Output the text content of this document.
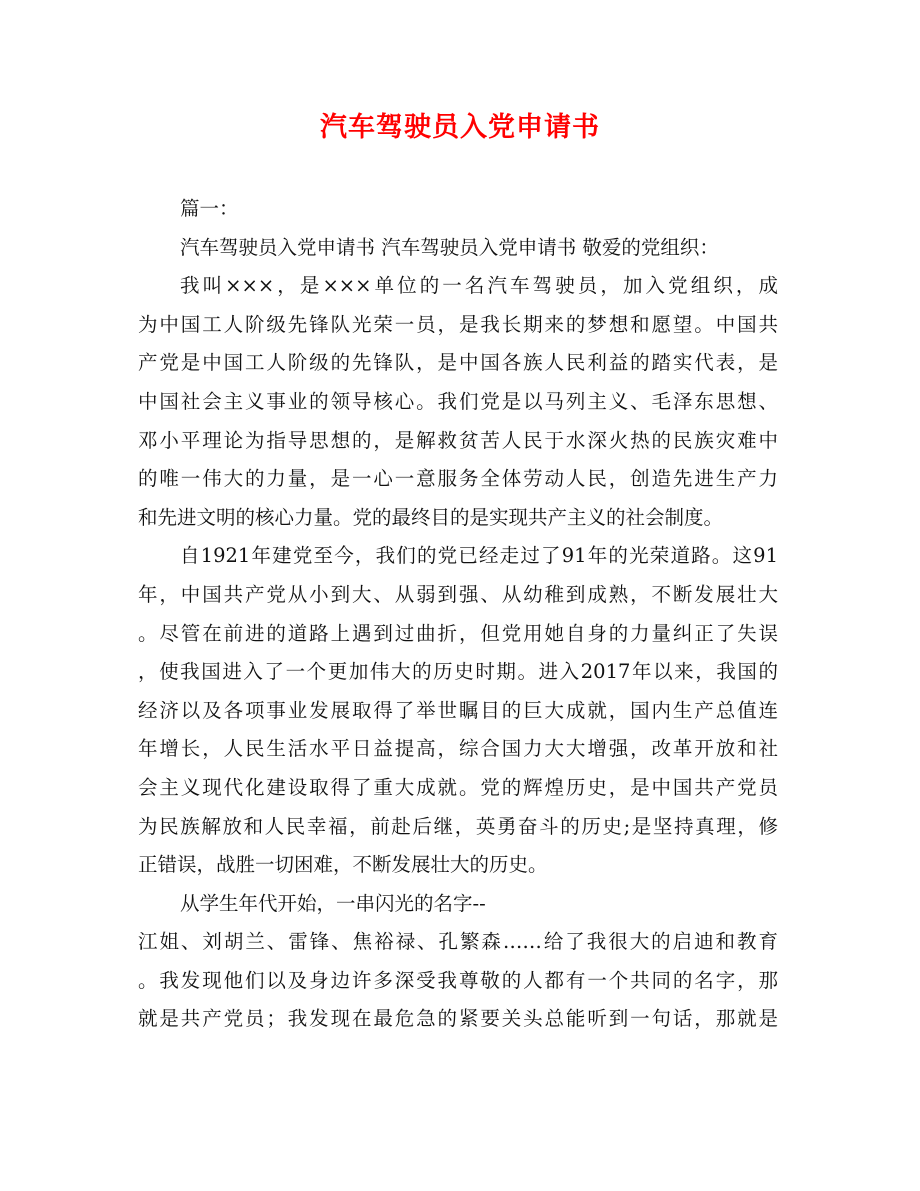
汽车驾驶员入党申请书
篇一：
汽车驾驶员入党申请书 汽车驾驶员入党申请书 敬爱的党组织：
我叫×××，是×××单位的一名汽车驾驶员，加入党组织，成
为中国工人阶级先锋队光荣一员，是我长期来的梦想和愿望。中国共
产党是中国工人阶级的先锋队，是中国各族人民利益的踏实代表，是
中国社会主义事业的领导核心。我们党是以马列主义、毛泽东思想、
邓小平理论为指导思想的，是解救贫苦人民于水深火热的民族灾难中
的唯一伟大的力量，是一心一意服务全体劳动人民，创造先进生产力
和先进文明的核心力量。党的最终目的是实现共产主义的社会制度。
自1921年建党至今，我们的党已经走过了91年的光荣道路。这91
年，中国共产党从小到大、从弱到强、从幼稚到成熟，不断发展壮大
。尽管在前进的道路上遇到过曲折，但党用她自身的力量纠正了失误
，使我国进入了一个更加伟大的历史时期。进入2017年以来，我国的
经济以及各项事业发展取得了举世瞩目的巨大成就，国内生产总值连
年增长，人民生活水平日益提高，综合国力大大增强，改革开放和社
会主义现代化建设取得了重大成就。党的辉煌历史，是中国共产党员
为民族解放和人民幸福，前赴后继，英勇奋斗的历史;是坚持真理，修
正错误，战胜一切困难，不断发展壮大的历史。
从学生年代开始，一串闪光的名字--
江姐、刘胡兰、雷锋、焦裕禄、孔繁森……给了我很大的启迪和教育
。我发现他们以及身边许多深受我尊敬的人都有一个共同的名字，那
就是共产党员；我发现在最危急的紧要关头总能听到一句话，那就是
